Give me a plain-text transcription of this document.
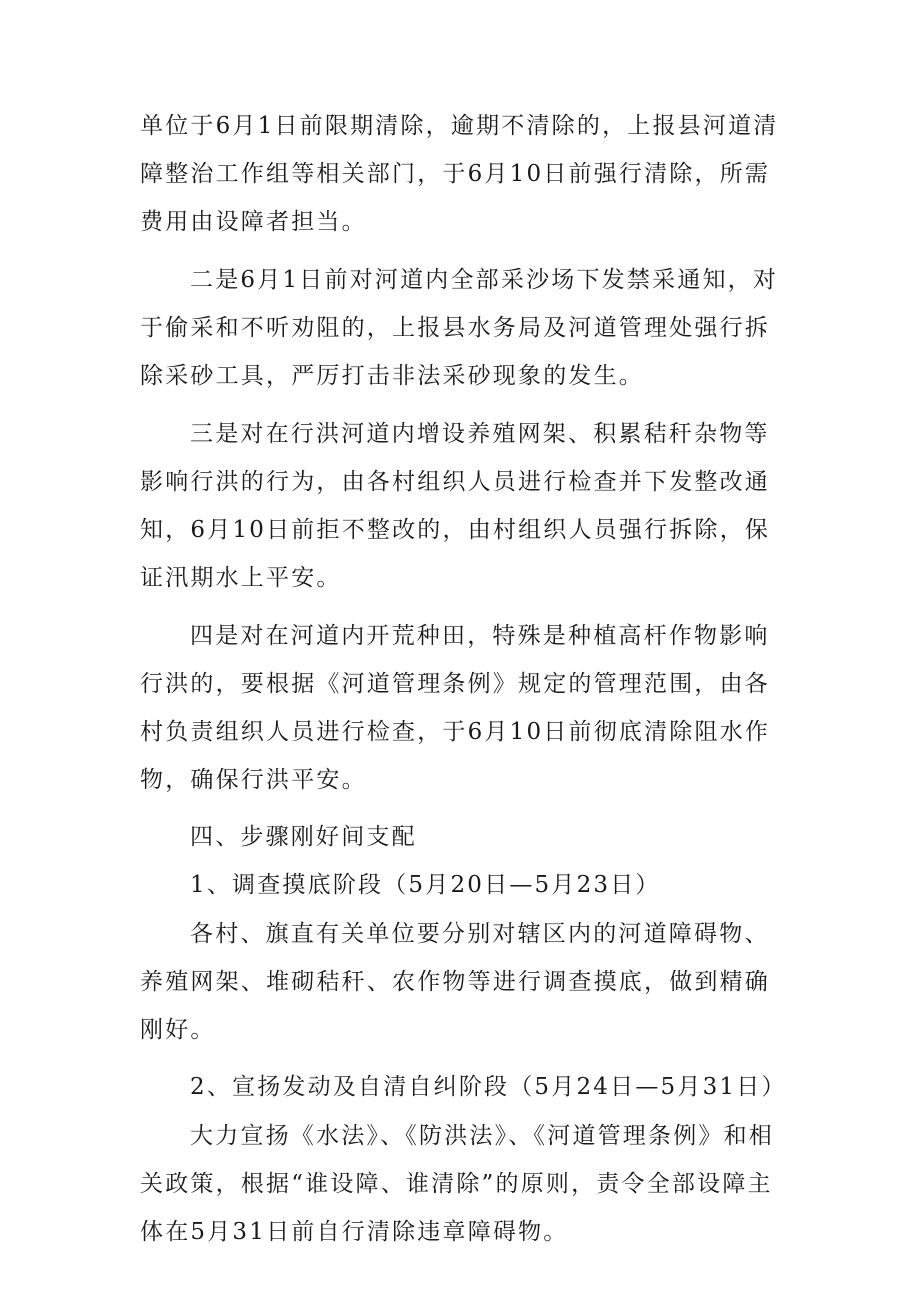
单位于6月1日前限期清除，逾期不清除的，上报县河道清障整治工作组等相关部门，于6月10日前强行清除，所需费用由设障者担当。

二是6月1日前对河道内全部采沙场下发禁采通知，对于偷采和不听劝阻的，上报县水务局及河道管理处强行拆除采砂工具，严厉打击非法采砂现象的发生。

三是对在行洪河道内增设养殖网架、积累秸秆杂物等影响行洪的行为，由各村组织人员进行检查并下发整改通知，6月10日前拒不整改的，由村组织人员强行拆除，保证汛期水上平安。

四是对在河道内开荒种田，特殊是种植高杆作物影响行洪的，要根据《河道管理条例》规定的管理范围，由各村负责组织人员进行检查，于6月10日前彻底清除阻水作物，确保行洪平安。

四、步骤刚好间支配

1、调查摸底阶段（5月20日—5月23日）

各村、旗直有关单位要分别对辖区内的河道障碍物、养殖网架、堆砌秸秆、农作物等进行调查摸底，做到精确刚好。

2、宣扬发动及自清自纠阶段（5月24日—5月31日）

大力宣扬《水法》、《防洪法》、《河道管理条例》和相关政策，根据“谁设障、谁清除”的原则，责令全部设障主体在5月31日前自行清除违章障碍物。
